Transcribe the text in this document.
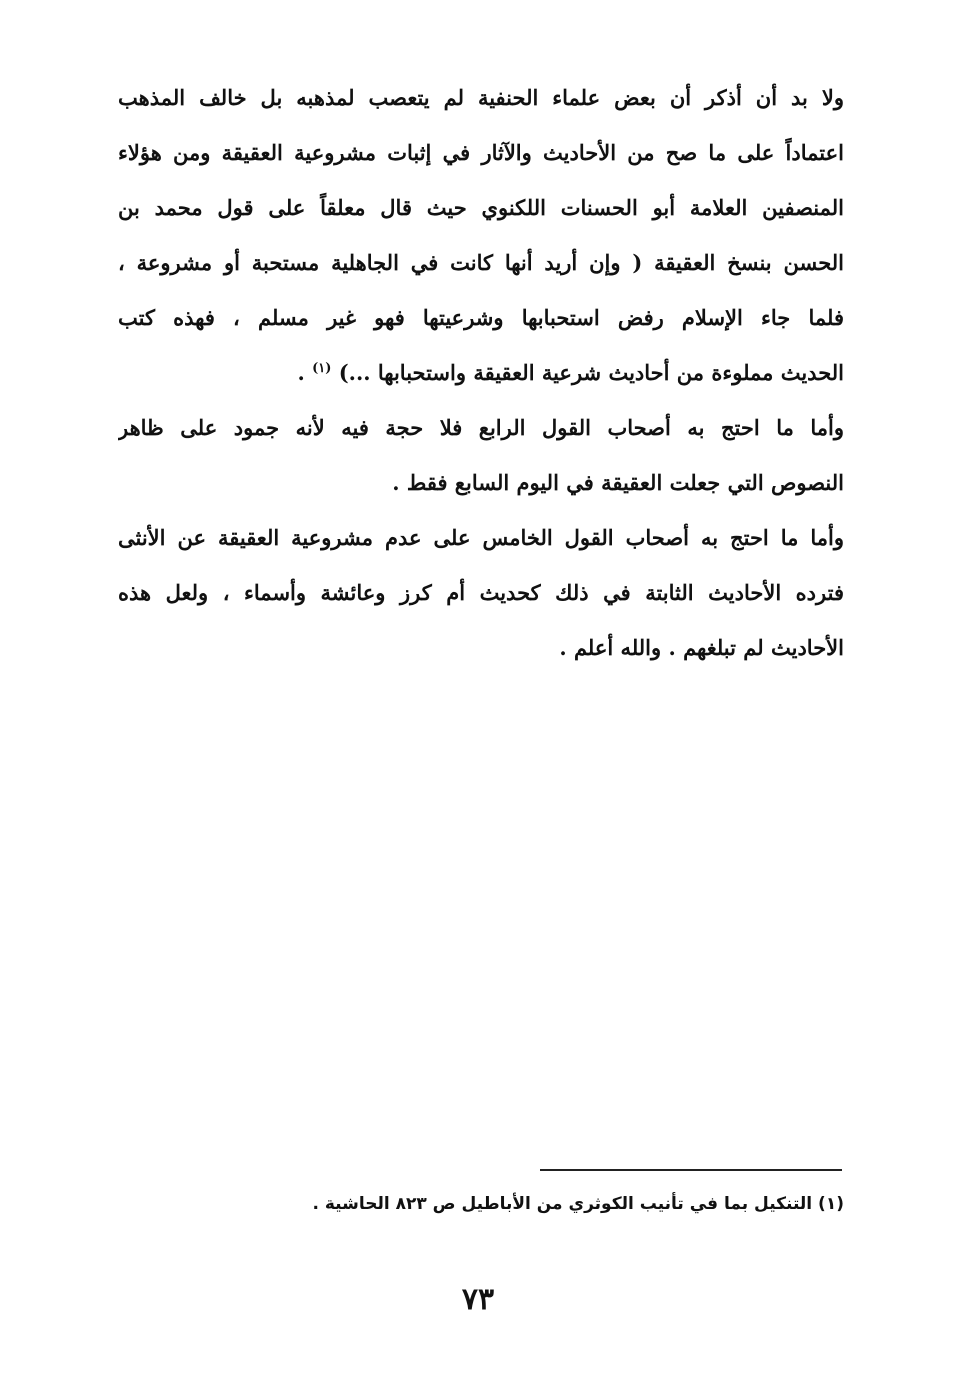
ولا بد أن أذكر أن بعض علماء الحنفية لم يتعصب لمذهبه بل خالف المذهب
اعتماداً على ما صح من الأحاديث والآثار في إثبات مشروعية العقيقة ومن هؤلاء
المنصفين العلامة أبو الحسنات اللكنوي حيث قال معلقاً على قول محمد بن
الحسن بنسخ العقيقة ( وإن أريد أنها كانت في الجاهلية مستحبة أو مشروعة ،
فلما جاء الإسلام رفض استحبابها وشرعيتها فهو غير مسلم ، فهذه كتب
الحديث مملوءة من أحاديث شرعية العقيقة واستحبابها ...) $^{(١)}$ .
وأما ما احتج به أصحاب القول الرابع فلا حجة فيه لأنه جمود على ظاهر
النصوص التي جعلت العقيقة في اليوم السابع فقط .
وأما ما احتج به أصحاب القول الخامس على عدم مشروعية العقيقة عن الأنثى
فترده الأحاديث الثابتة في ذلك كحديث أم كرز وعائشة وأسماء ، ولعل هذه
الأحاديث لم تبلغهم . والله أعلم .
(١) التنكيل بما في تأنيب الكوثري من الأباطيل ص ٨٢٣ الحاشية .
٧٣
